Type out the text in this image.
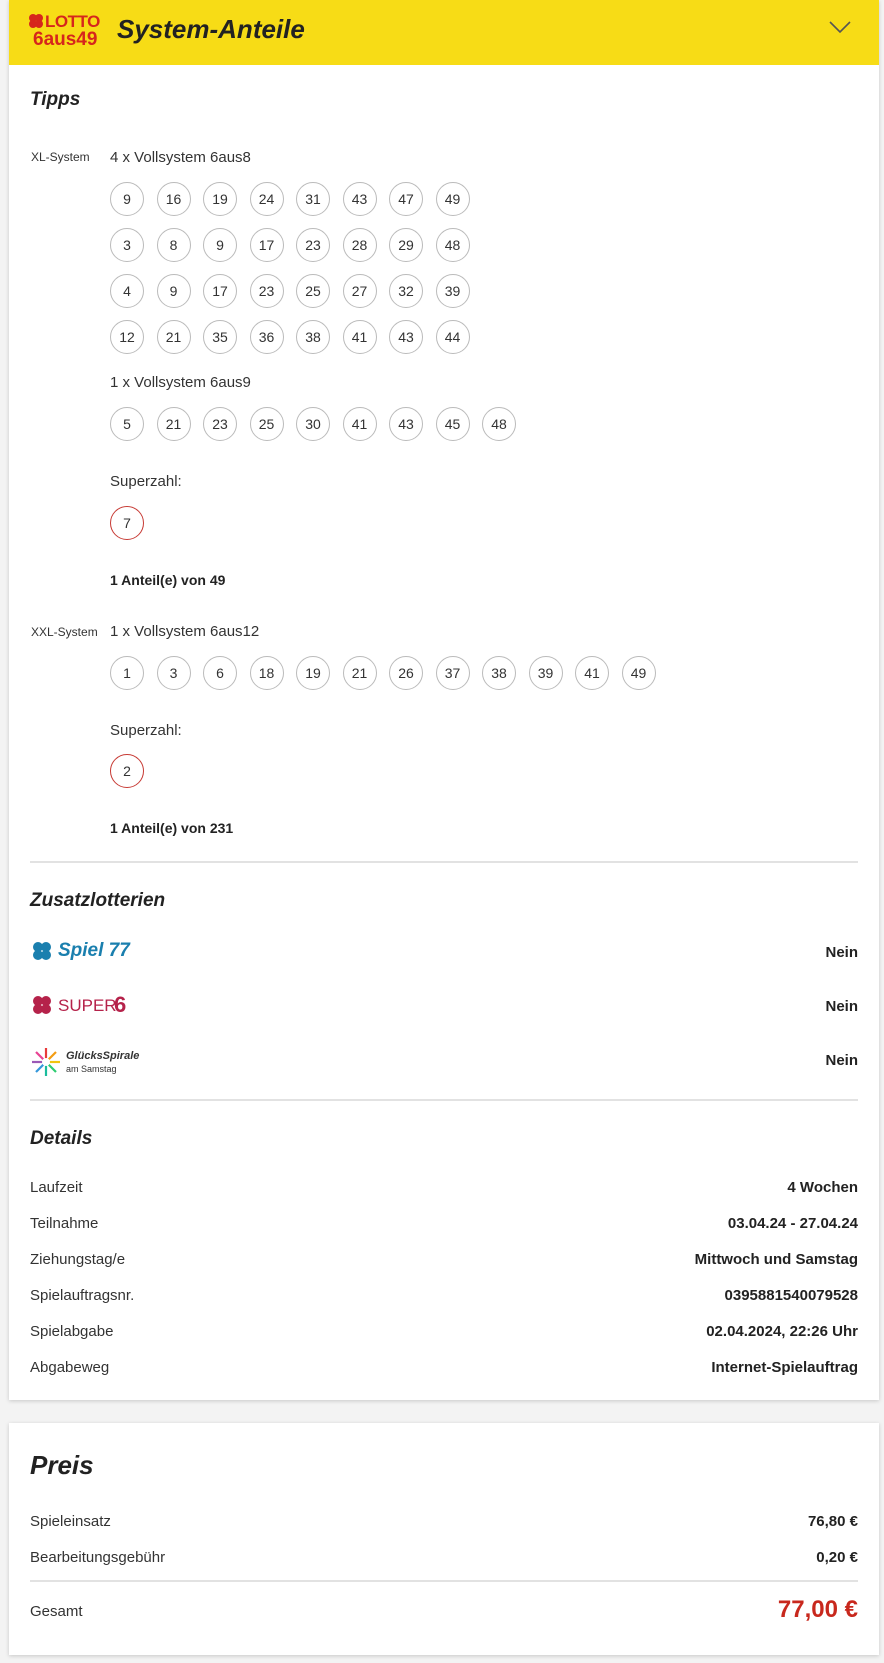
LOTTO
6aus49 System-Anteile
Tipps
XL-System 4 x Vollsystem 6aus8
9	16	19	24	31	43	47	49
3	8	9	17	23	28	29	48
4	9	17	23	25	27	32	39
12	21	35	36	38	41	43	44
1 x Vollsystem 6aus9
5	21	23	25	30	41	43	45	48
Superzahl:
7
1 Anteil(e) von 49
XXL-System 1 x Vollsystem 6aus12
1	3	6	18	19	21	26	37	38	39	41	49
Superzahl:
2
1 Anteil(e) von 231
Zusatzlotterien
Spiel 77	Nein
SUPER
6	Nein
GlücksSpirale
am Samstag	Nein
Details
Laufzeit	4 Wochen
Teilnahme	03.04.24 - 27.04.24
Ziehungstag/e	Mittwoch und Samstag
Spielauftragsnr.	0395881540079528
Spielabgabe	02.04.2024, 22:26 Uhr
Abgabeweg	Internet-Spielauftrag
Preis
Spieleinsatz	76,80 €
Bearbeitungsgebühr	0,20 €
Gesamt	77,00 €
